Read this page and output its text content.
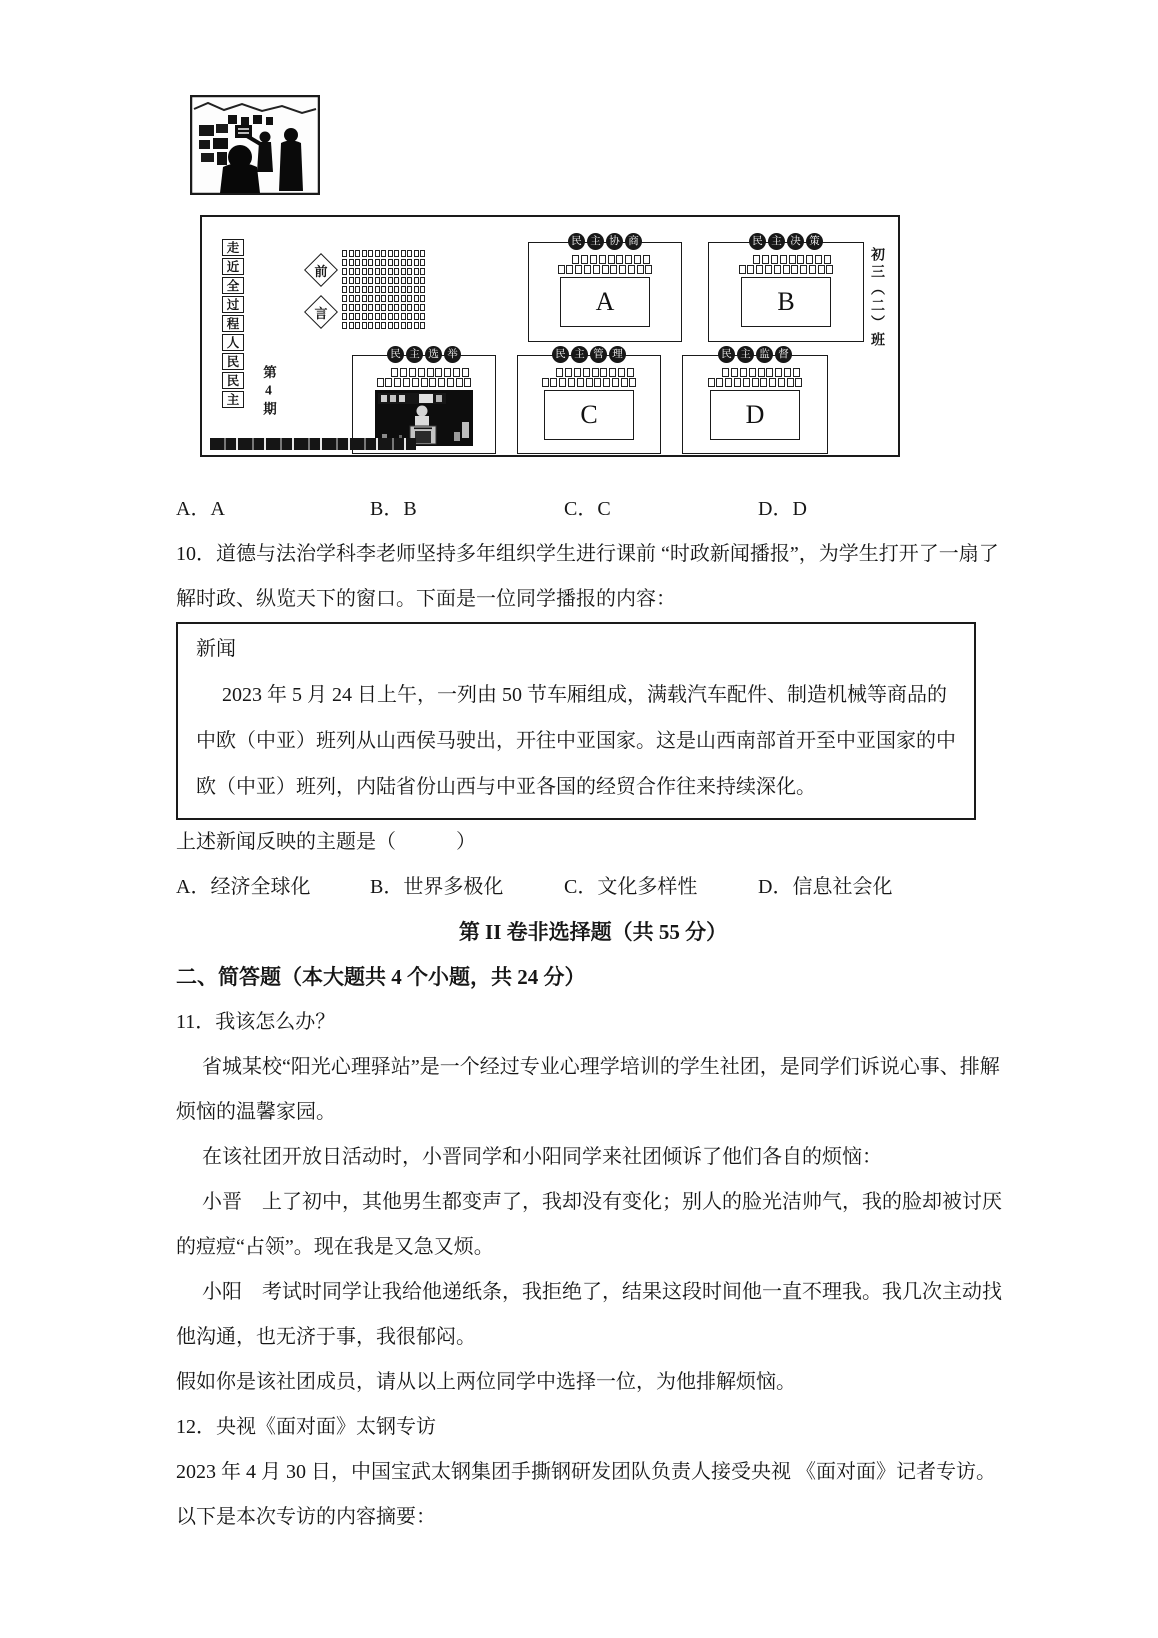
走
近
全
过
程
人
民
民
主	第4期
前
言
民 主 选 举
民 主 协 商
A
民 主 决 策
B
民 主 管 理
C
民 主 监 督
D
初三（二）班
A．A	B．B	C．C	D．D
10．道德与法治学科李老师坚持多年组织学生进行课前 “时政新闻播报”，为学生打开了一扇了解时政、纵览天下的窗口。下面是一位同学播报的内容：
新闻
2023 年 5 月 24 日上午，一列由 50 节车厢组成，满载汽车配件、制造机械等商品的中欧（中亚）班列从山西侯马驶出，开往中亚国家。这是山西南部首开至中亚国家的中欧（中亚）班列，内陆省份山西与中亚各国的经贸合作往来持续深化。
上述新闻反映的主题是（　　　）
A．经济全球化	B．世界多极化	C．文化多样性	D．信息社会化
第 II 卷非选择题（共 55 分）
二、简答题（本大题共 4 个小题，共 24 分）
11．我该怎么办？
省城某校“阳光心理驿站”是一个经过专业心理学培训的学生社团，是同学们诉说心事、排解烦恼的温馨家园。
在该社团开放日活动时，小晋同学和小阳同学来社团倾诉了他们各自的烦恼：
小晋　上了初中，其他男生都变声了，我却没有变化；别人的脸光洁帅气，我的脸却被讨厌的痘痘“占领”。现在我是又急又烦。
小阳　考试时同学让我给他递纸条，我拒绝了，结果这段时间他一直不理我。我几次主动找他沟通，也无济于事，我很郁闷。
假如你是该社团成员，请从以上两位同学中选择一位，为他排解烦恼。
12．央视《面对面》太钢专访
2023 年 4 月 30 日，中国宝武太钢集团手撕钢研发团队负责人接受央视 《面对面》记者专访。以下是本次专访的内容摘要：
